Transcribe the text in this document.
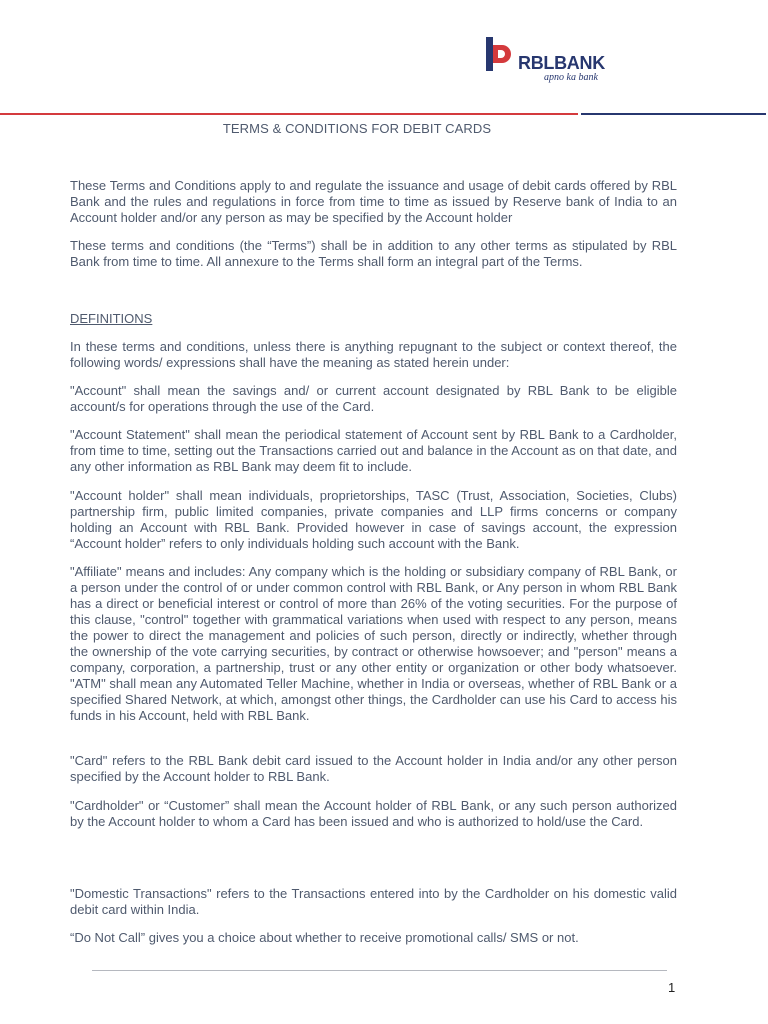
RBLBANK
apno ka bank
TERMS & CONDITIONS FOR DEBIT CARDS

These Terms and Conditions apply to and regulate the issuance and usage of debit cards offered by RBL Bank and the rules and regulations in force from time to time as issued by Reserve bank of India to an Account holder and/or any person as may be specified by the Account holder

These terms and conditions (the “Terms”) shall be in addition to any other terms as stipulated by RBL Bank from time to time. All annexure to the Terms shall form an integral part of the Terms.

DEFINITIONS

In these terms and conditions, unless there is anything repugnant to the subject or context thereof, the following words/ expressions shall have the meaning as stated herein under:

"Account" shall mean the savings and/ or current account designated by RBL Bank to be eligible account/s for operations through the use of the Card.

"Account Statement" shall mean the periodical statement of Account sent by RBL Bank to a Cardholder, from time to time, setting out the Transactions carried out and balance in the Account as on that date, and any other information as RBL Bank may deem fit to include.

"Account holder" shall mean individuals, proprietorships, TASC (Trust, Association, Societies, Clubs) partnership firm, public limited companies, private companies and LLP firms concerns or company holding an Account with RBL Bank. Provided however in case of savings account, the expression “Account holder” refers to only individuals holding such account with the Bank.

"Affiliate" means and includes: Any company which is the holding or subsidiary company of RBL Bank, or a person under the control of or under common control with RBL Bank, or Any person in whom RBL Bank has a direct or beneficial interest or control of more than 26% of the voting securities. For the purpose of this clause, "control" together with grammatical variations when used with respect to any person, means the power to direct the management and policies of such person, directly or indirectly, whether through the ownership of the vote carrying securities, by contract or otherwise howsoever; and "person" means a company, corporation, a partnership, trust or any other entity or organization or other body whatsoever. "ATM" shall mean any Automated Teller Machine, whether in India or overseas, whether of RBL Bank or a specified Shared Network, at which, amongst other things, the Cardholder can use his Card to access his funds in his Account, held with RBL Bank.

"Card" refers to the RBL Bank debit card issued to the Account holder in India and/or any other person specified by the Account holder to RBL Bank.

"Cardholder" or “Customer” shall mean the Account holder of RBL Bank, or any such person authorized by the Account holder to whom a Card has been issued and who is authorized to hold/use the Card.

"Domestic Transactions" refers to the Transactions entered into by the Cardholder on his domestic valid debit card within India.

“Do Not Call” gives you a choice about whether to receive promotional calls/ SMS or not.

1
